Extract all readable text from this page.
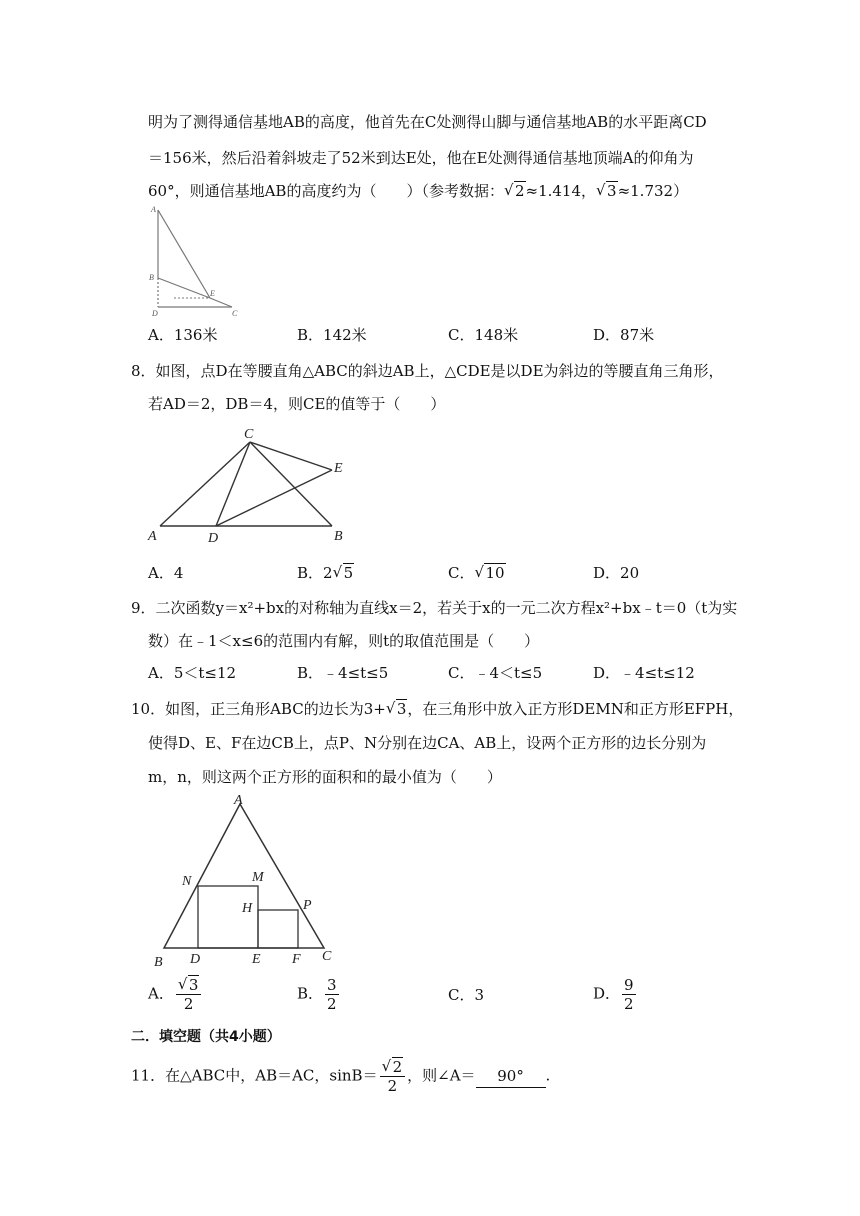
明为了测得通信基地AB的高度，他首先在C处测得山脚与通信基地AB的水平距离CD
＝156米，然后沿着斜坡走了52米到达E处，他在E处测得通信基地顶端A的仰角为
60°，则通信基地AB的高度约为（　　）（参考数据： √ 2≈1.414， √ 3≈1.732）
A
B
E
D	C
A．136米	B．142米	C．148米	D．87米
8．如图，点D在等腰直角△ABC的斜边AB上，△CDE是以DE为斜边的等腰直角三角形，
若AD＝2，DB＝4，则CE的值等于（　　）
C
E
A	D	B
A．4	B．2 √ 5	C． √ 10	D．20
9．二次函数y＝x²+bx的对称轴为直线x＝2，若关于x的一元二次方程x²+bx﹣t＝0（t为实
数）在﹣1＜x≤6的范围内有解，则t的取值范围是（　　）
A．5＜t≤12	B．﹣4≤t≤5	C．﹣4＜t≤5	D．﹣4≤t≤12
10．如图，正三角形ABC的边长为3+ √ 3，在三角形中放入正方形DEMN和正方形EFPH，
使得D、E、F在边CB上，点P、N分别在边CA、AB上，设两个正方形的边长分别为
m，n，则这两个正方形的面积和的最小值为（　　）
A
N	M
H	P
B D	E F C
A． √ $\frac{3}{2}$	B． $\frac{3}{2}$	C．3	D． $\frac{9}{2}$
二．填空题（共4小题）
11．在△ABC中，AB＝AC，sinB＝ √ $\frac{2}{2}$ ，则∠A＝ 90° .
